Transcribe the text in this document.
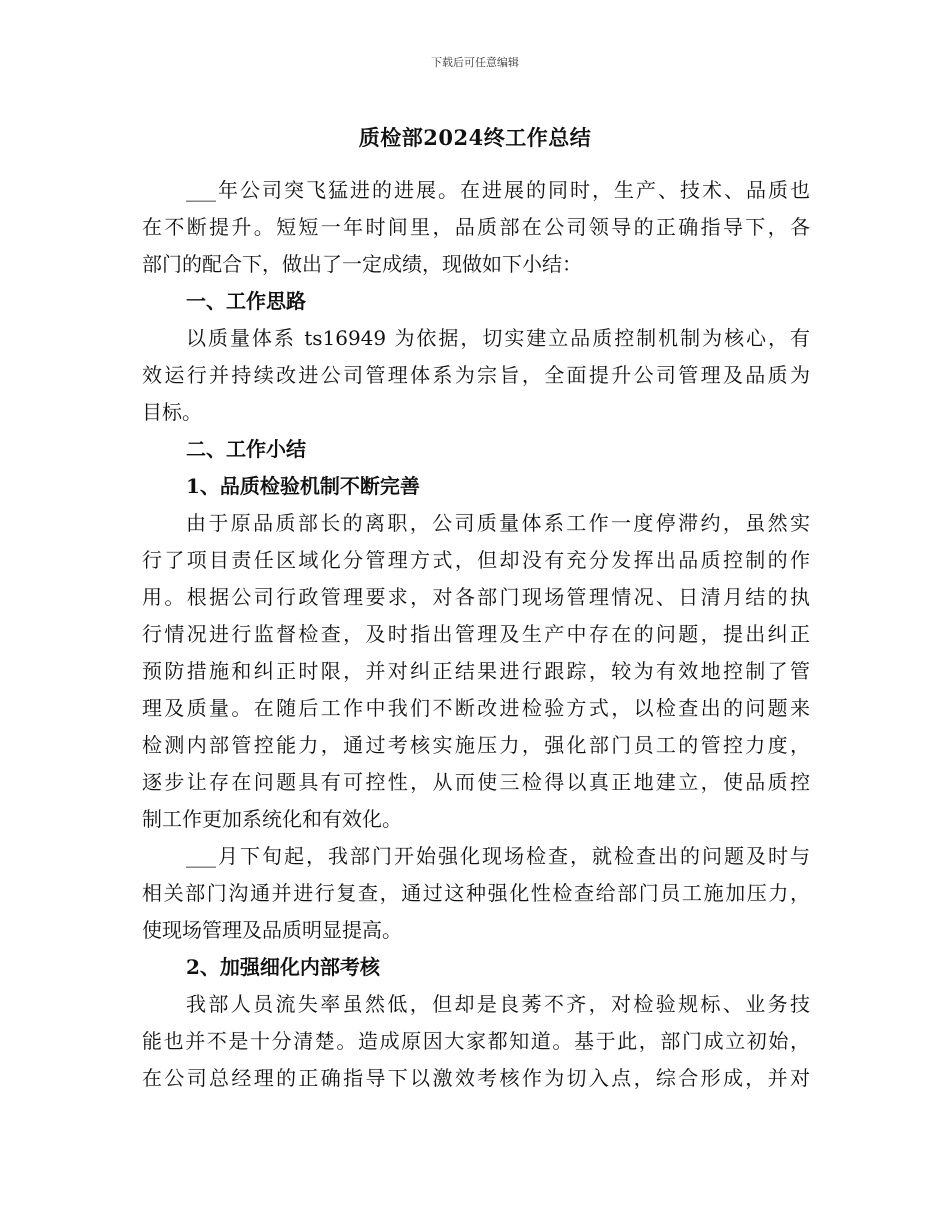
下载后可任意编辑
质检部2024终工作总结
___年公司突飞猛进的进展。在进展的同时，生产、技术、品质也
在不断提升。短短一年时间里，品质部在公司领导的正确指导下，各
部门的配合下，做出了一定成绩，现做如下小结：
一、工作思路
以质量体系 ts16949 为依据，切实建立品质控制机制为核心，有
效运行并持续改进公司管理体系为宗旨，全面提升公司管理及品质为
目标。
二、工作小结
1、品质检验机制不断完善
由于原品质部长的离职，公司质量体系工作一度停滞约，虽然实
行了项目责任区域化分管理方式，但却没有充分发挥出品质控制的作
用。根据公司行政管理要求，对各部门现场管理情况、日清月结的执
行情况进行监督检查，及时指出管理及生产中存在的问题，提出纠正
预防措施和纠正时限，并对纠正结果进行跟踪，较为有效地控制了管
理及质量。在随后工作中我们不断改进检验方式，以检查出的问题来
检测内部管控能力，通过考核实施压力，强化部门员工的管控力度，
逐步让存在问题具有可控性，从而使三检得以真正地建立，使品质控
制工作更加系统化和有效化。
___月下旬起，我部门开始强化现场检查，就检查出的问题及时与
相关部门沟通并进行复查，通过这种强化性检查给部门员工施加压力，
使现场管理及品质明显提高。
2、加强细化内部考核
我部人员流失率虽然低，但却是良莠不齐，对检验规标、业务技
能也并不是十分清楚。造成原因大家都知道。基于此，部门成立初始，
在公司总经理的正确指导下以激效考核作为切入点，综合形成，并对
